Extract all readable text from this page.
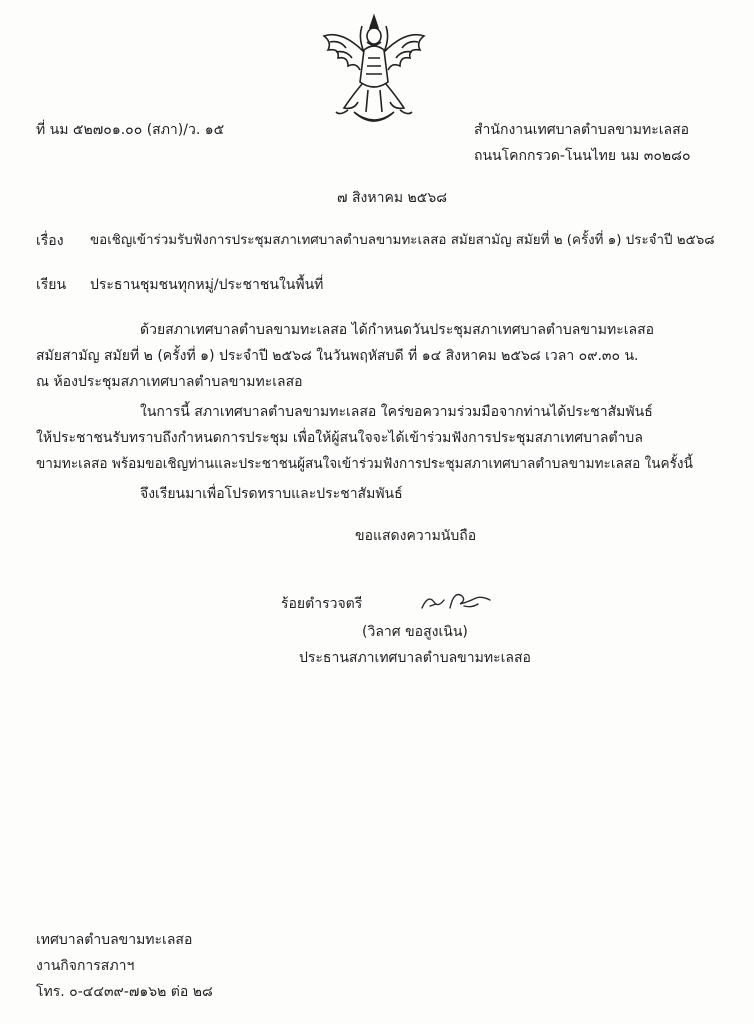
ที่ นม ๕๒๗๐๑.๐๐ (สภา)/ว. ๑๕	สำนักงานเทศบาลตำบลขามทะเลสอ
ถนนโคกกรวด-โนนไทย นม ๓๐๒๘๐
๗ สิงหาคม ๒๕๖๘
เรื่อง ขอเชิญเข้าร่วมรับฟังการประชุมสภาเทศบาลตำบลขามทะเลสอ สมัยสามัญ สมัยที่ ๒ (ครั้งที่ ๑) ประจำปี ๒๕๖๘
เรียน ประธานชุมชนทุกหมู่/ประชาชนในพื้นที่
ด้วยสภาเทศบาลตำบลขามทะเลสอ ได้กำหนดวันประชุมสภาเทศบาลตำบลขามทะเลสอ
สมัยสามัญ สมัยที่ ๒ (ครั้งที่ ๑) ประจำปี ๒๕๖๘ ในวันพฤหัสบดี ที่ ๑๔ สิงหาคม ๒๕๖๘ เวลา ๐๙.๓๐ น.
ณ ห้องประชุมสภาเทศบาลตำบลขามทะเลสอ
ในการนี้ สภาเทศบาลตำบลขามทะเลสอ ใคร่ขอความร่วมมือจากท่านได้ประชาสัมพันธ์
ให้ประชาชนรับทราบถึงกำหนดการประชุม เพื่อให้ผู้สนใจจะได้เข้าร่วมฟังการประชุมสภาเทศบาลตำบล
ขามทะเลสอ พร้อมขอเชิญท่านและประชาชนผู้สนใจเข้าร่วมฟังการประชุมสภาเทศบาลตำบลขามทะเลสอ ในครั้งนี้
จึงเรียนมาเพื่อโปรดทราบและประชาสัมพันธ์
ขอแสดงความนับถือ
ร้อยตำรวจตรี
(วิลาศ ขอสูงเนิน)
ประธานสภาเทศบาลตำบลขามทะเลสอ
เทศบาลตำบลขามทะเลสอ
งานกิจการสภาฯ
โทร. ๐-๔๔๓๙-๗๑๖๒ ต่อ ๒๘
